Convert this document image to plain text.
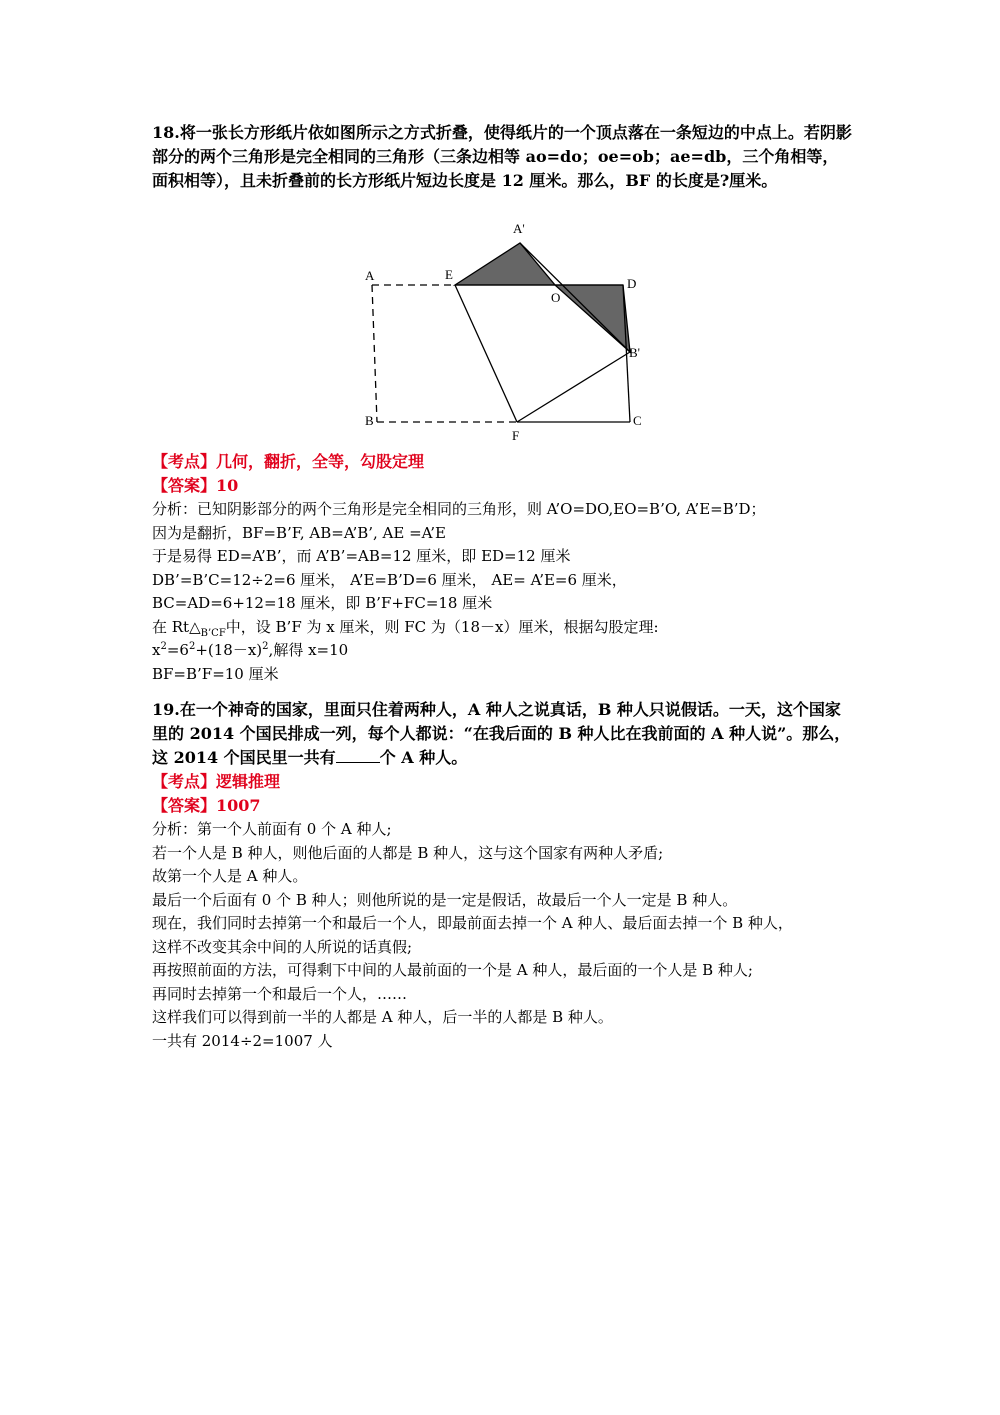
18.将一张长方形纸片依如图所示之方式折叠，使得纸片的一个顶点落在一条短边的中点上。若阴影部分的两个三角形是完全相同的三角形（三条边相等 ao=do；oe=ob；ae=db，三个角相等，面积相等），且未折叠前的长方形纸片短边长度是 12 厘米。那么，BF 的长度是?厘米。

A
A'
E
O
D
B'
B
F
C

【考点】几何，翻折，全等，勾股定理

【答案】10

分析：已知阴影部分的两个三角形是完全相同的三角形，则 A’O=DO,EO=B’O, A’E=B’D；

因为是翻折，BF=B’F, AB=A’B’, AE =A’E

于是易得 ED=A’B’，而 A’B’=AB=12 厘米，即 ED=12 厘米

DB’=B’C=12÷2=6 厘米， A’E=B’D=6 厘米， AE= A’E=6 厘米，

BC=AD=6+12=18 厘米，即 B’F+FC=18 厘米

在 $Rt\triangle_{B’CF}$中，设 B’F 为 x 厘米，则 FC 为（18－x）厘米，根据勾股定理:

$x^2=6^2+(18-x)^2$,解得 x=10

BF=B’F=10 厘米

19.在一个神奇的国家，里面只住着两种人，A 种人之说真话，B 种人只说假话。一天，这个国家里的 2014 个国民排成一列，每个人都说：“在我后面的 B 种人比在我前面的 A 种人说”。那么，这 2014 个国民里一共有	个 A 种人。

【考点】逻辑推理

【答案】1007

分析：第一个人前面有 0 个 A 种人;

若一个人是 B 种人，则他后面的人都是 B 种人，这与这个国家有两种人矛盾;

故第一个人是 A 种人。

最后一个后面有 0 个 B 种人；则他所说的是一定是假话，故最后一个人一定是 B 种人。

现在，我们同时去掉第一个和最后一个人，即最前面去掉一个 A 种人、最后面去掉一个 B 种人，

这样不改变其余中间的人所说的话真假;

再按照前面的方法，可得剩下中间的人最前面的一个是 A 种人，最后面的一个人是 B 种人;

再同时去掉第一个和最后一个人，……

这样我们可以得到前一半的人都是 A 种人，后一半的人都是 B 种人。

一共有 2014÷2=1007 人
